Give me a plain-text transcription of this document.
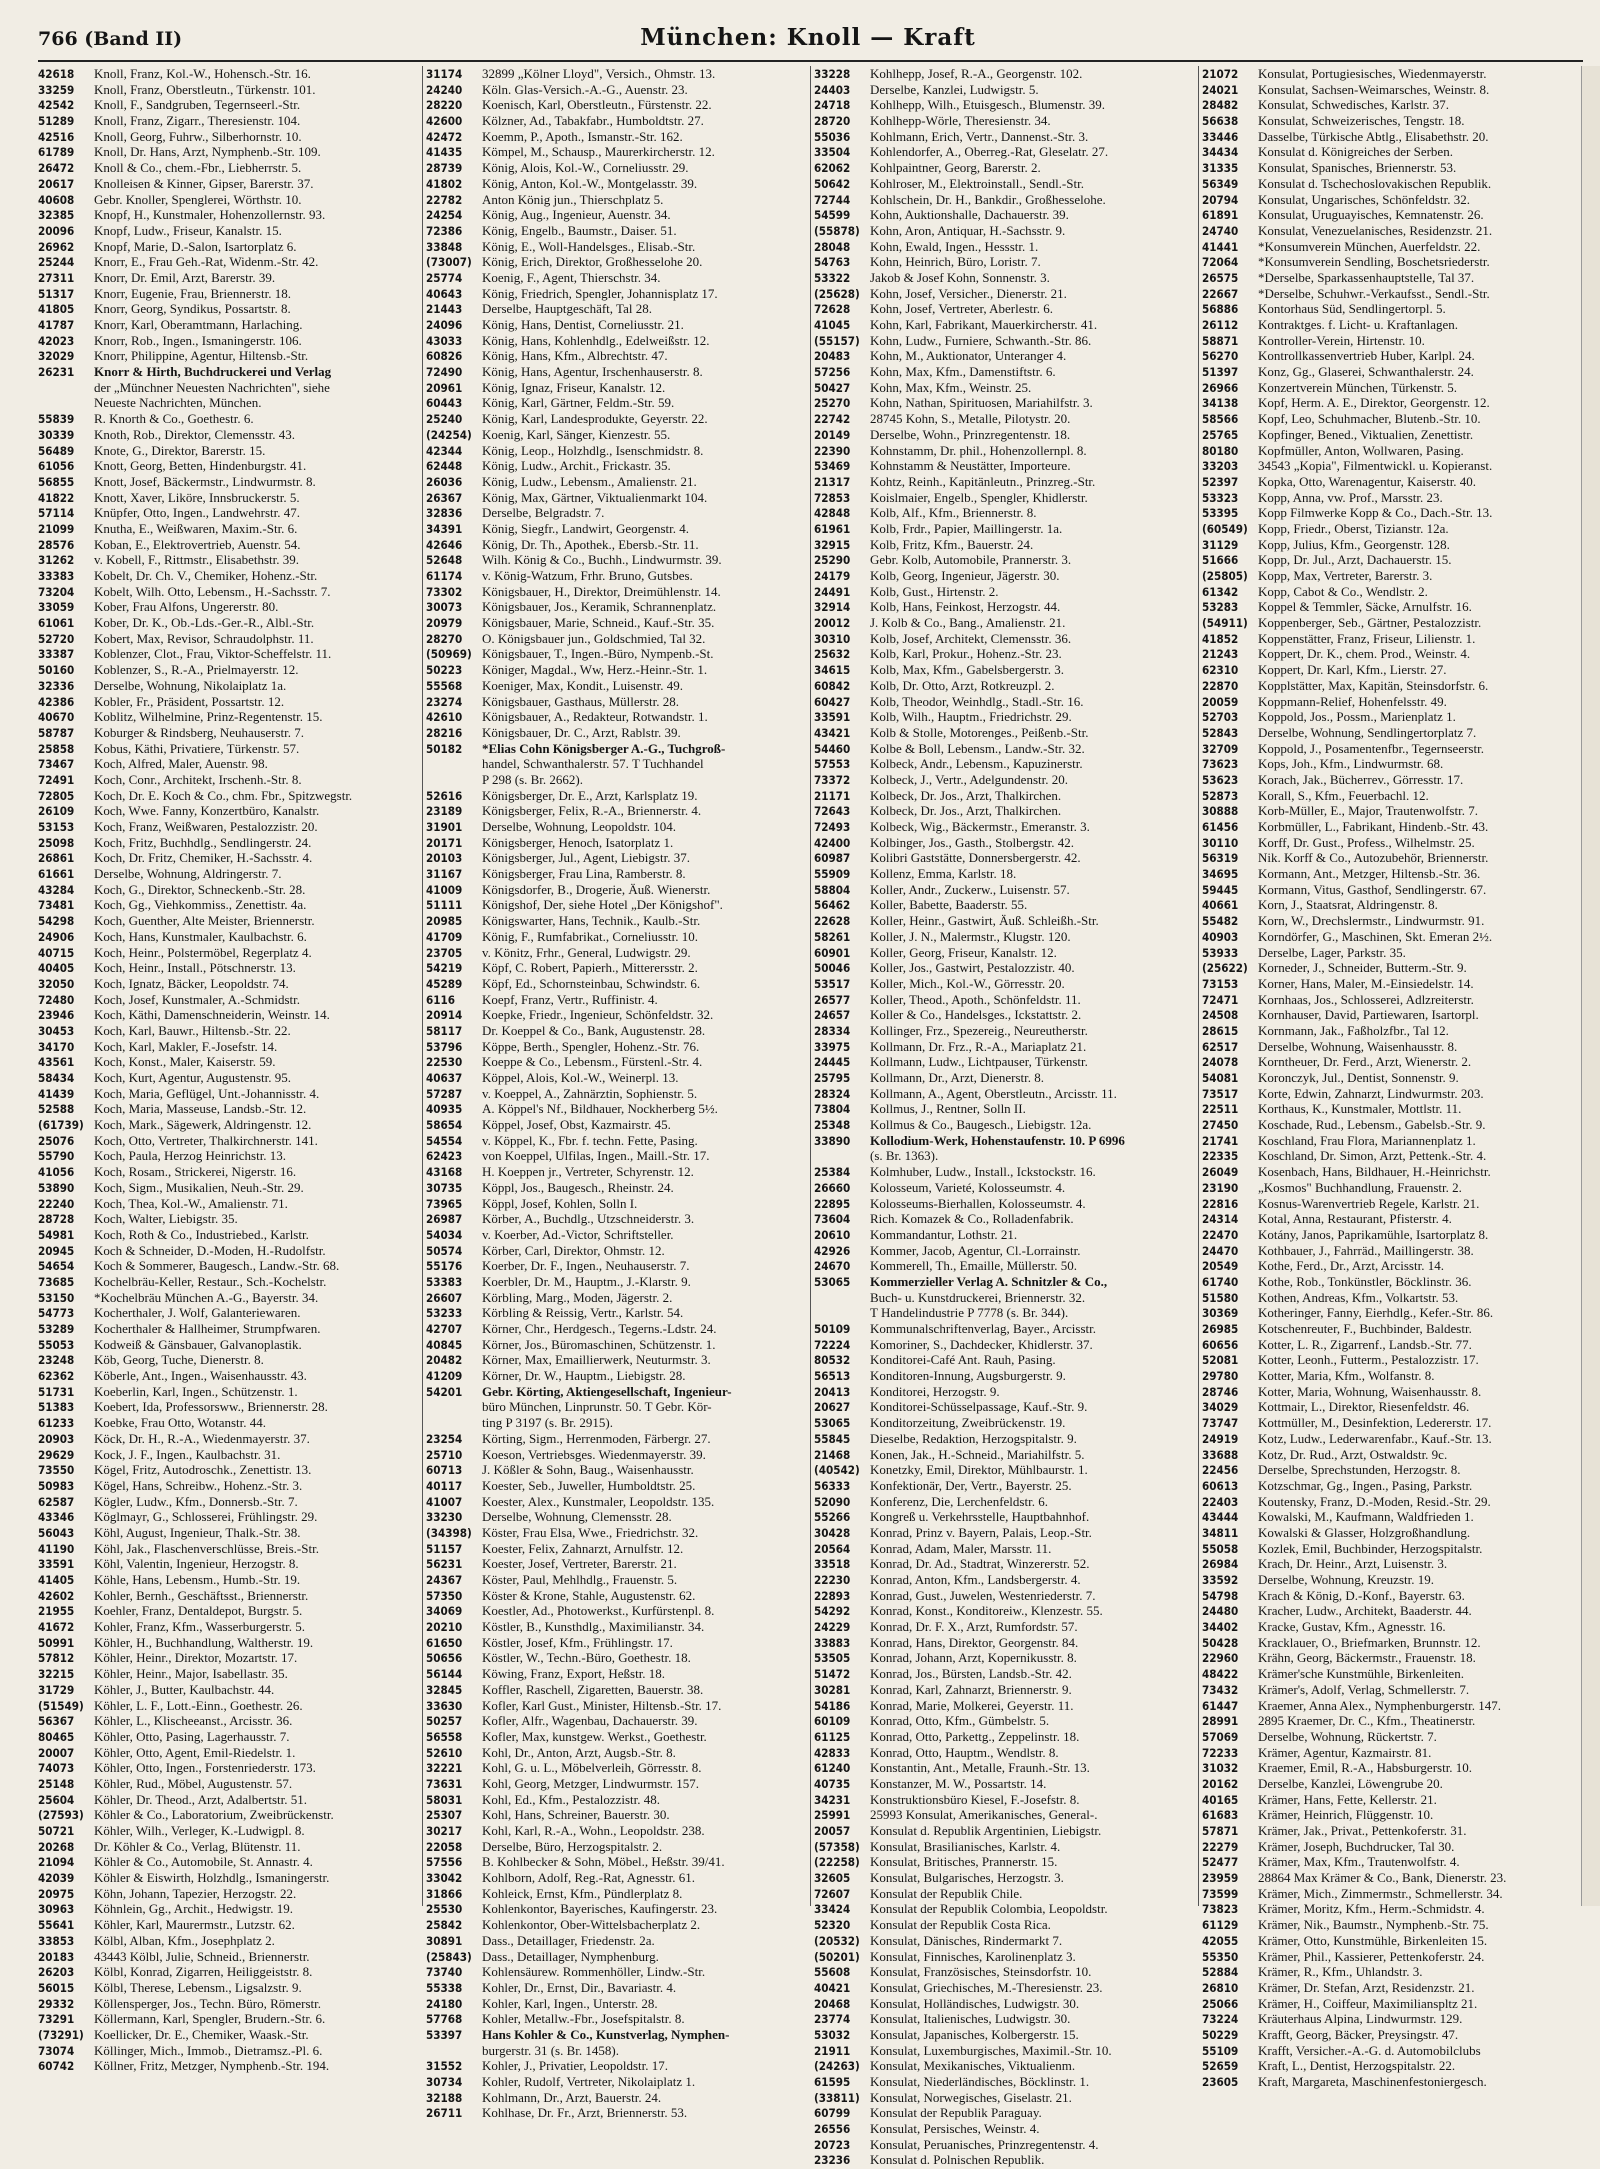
766 (Band II)	München: Knoll — Kraft
42618	Knoll, Franz, Kol.-W., Hohensch.-Str. 16.
33259	Knoll, Franz, Oberstleutn., Türkenstr. 101.
42542	Knoll, F., Sandgruben, Tegernseerl.-Str.
51289	Knoll, Franz, Zigarr., Theresienstr. 104.
42516	Knoll, Georg, Fuhrw., Silberhornstr. 10.
61789	Knoll, Dr. Hans, Arzt, Nymphenb.-Str. 109.
26472	Knoll & Co., chem.-Fbr., Liebherrstr. 5.
20617	Knolleisen & Kinner, Gipser, Barerstr. 37.
40608	Gebr. Knoller, Spenglerei, Wörthstr. 10.
32385	Knopf, H., Kunstmaler, Hohenzollernstr. 93.
20096	Knopf, Ludw., Friseur, Kanalstr. 15.
26962	Knopf, Marie, D.-Salon, Isartorplatz 6.
25244	Knorr, E., Frau Geh.-Rat, Widenm.-Str. 42.
27311	Knorr, Dr. Emil, Arzt, Barerstr. 39.
51317	Knorr, Eugenie, Frau, Briennerstr. 18.
41805	Knorr, Georg, Syndikus, Possartstr. 8.
41787	Knorr, Karl, Oberamtmann, Harlaching.
42023	Knorr, Rob., Ingen., Ismaningerstr. 106.
32029	Knorr, Philippine, Agentur, Hiltensb.-Str.
26231	Knorr & Hirth, Buchdruckerei und Verlag
der „Münchner Neuesten Nachrichten", siehe
Neueste Nachrichten, München.
55839	R. Knorth & Co., Goethestr. 6.
30339	Knoth, Rob., Direktor, Clemensstr. 43.
56489	Knote, G., Direktor, Barerstr. 15.
61056	Knott, Georg, Betten, Hindenburgstr. 41.
56855	Knott, Josef, Bäckermstr., Lindwurmstr. 8.
41822	Knott, Xaver, Liköre, Innsbruckerstr. 5.
57114	Knüpfer, Otto, Ingen., Landwehrstr. 47.
21099	Knutha, E., Weißwaren, Maxim.-Str. 6.
28576	Koban, E., Elektrovertrieb, Auenstr. 54.
31262	v. Kobell, F., Rittmstr., Elisabethstr. 39.
33383	Kobelt, Dr. Ch. V., Chemiker, Hohenz.-Str.
73204	Kobelt, Wilh. Otto, Lebensm., H.-Sachsstr. 7.
33059	Kober, Frau Alfons, Ungererstr. 80.
61061	Kober, Dr. K., Ob.-Lds.-Ger.-R., Albl.-Str.
52720	Kobert, Max, Revisor, Schraudolphstr. 11.
33387	Koblenzer, Clot., Frau, Viktor-Scheffelstr. 11.
50160	Koblenzer, S., R.-A., Prielmayerstr. 12.
32336	Derselbe, Wohnung, Nikolaiplatz 1a.
42386	Kobler, Fr., Präsident, Possartstr. 12.
40670	Koblitz, Wilhelmine, Prinz-Regentenstr. 15.
58787	Koburger & Rindsberg, Neuhauserstr. 7.
25858	Kobus, Käthi, Privatiere, Türkenstr. 57.
73467	Koch, Alfred, Maler, Auenstr. 98.
72491	Koch, Conr., Architekt, Irschenh.-Str. 8.
72805	Koch, Dr. E. Koch & Co., chm. Fbr., Spitzwegstr.
26109	Koch, Wwe. Fanny, Konzertbüro, Kanalstr.
53153	Koch, Franz, Weißwaren, Pestalozzistr. 20.
25098	Koch, Fritz, Buchhdlg., Sendlingerstr. 24.
26861	Koch, Dr. Fritz, Chemiker, H.-Sachsstr. 4.
61661	Derselbe, Wohnung, Aldringerstr. 7.
43284	Koch, G., Direktor, Schneckenb.-Str. 28.
73481	Koch, Gg., Viehkommiss., Zenettistr. 4a.
54298	Koch, Guenther, Alte Meister, Briennerstr.
24906	Koch, Hans, Kunstmaler, Kaulbachstr. 6.
40715	Koch, Heinr., Polstermöbel, Regerplatz 4.
40405	Koch, Heinr., Install., Pötschnerstr. 13.
32050	Koch, Ignatz, Bäcker, Leopoldstr. 74.
72480	Koch, Josef, Kunstmaler, A.-Schmidstr.
23946	Koch, Käthi, Damenschneiderin, Weinstr. 14.
30453	Koch, Karl, Bauwr., Hiltensb.-Str. 22.
34170	Koch, Karl, Makler, F.-Josefstr. 14.
43561	Koch, Konst., Maler, Kaiserstr. 59.
58434	Koch, Kurt, Agentur, Augustenstr. 95.
41439	Koch, Maria, Geflügel, Unt.-Johannisstr. 4.
52588	Koch, Maria, Masseuse, Landsb.-Str. 12.
(61739) Koch, Mark., Sägewerk, Aldringenstr. 12.
25076	Koch, Otto, Vertreter, Thalkirchnerstr. 141.
55790	Koch, Paula, Herzog Heinrichstr. 13.
41056	Koch, Rosam., Strickerei, Nigerstr. 16.
53890	Koch, Sigm., Musikalien, Neuh.-Str. 29.
22240	Koch, Thea, Kol.-W., Amalienstr. 71.
28728	Koch, Walter, Liebigstr. 35.
54981	Koch, Roth & Co., Industriebed., Karlstr.
20945	Koch & Schneider, D.-Moden, H.-Rudolfstr.
54654	Koch & Sommerer, Baugesch., Landw.-Str. 68.
73685	Kochelbräu-Keller, Restaur., Sch.-Kochelstr.
53150	*Kochelbräu München A.-G., Bayerstr. 34.
54773	Kocherthaler, J. Wolf, Galanteriewaren.
53289	Kocherthaler & Hallheimer, Strumpfwaren.
55053	Kodweiß & Gänsbauer, Galvanoplastik.
23248	Köb, Georg, Tuche, Dienerstr. 8.
62362	Köberle, Ant., Ingen., Waisenhausstr. 43.
51731	Koeberlin, Karl, Ingen., Schützenstr. 1.
51383	Koebert, Ida, Professorsww., Briennerstr. 28.
61233	Koebke, Frau Otto, Wotanstr. 44.
20903	Köck, Dr. H., R.-A., Wiedenmayerstr. 37.
29629	Kock, J. F., Ingen., Kaulbachstr. 31.
73550	Kögel, Fritz, Autodroschk., Zenettistr. 13.
50983	Kögel, Hans, Schreibw., Hohenz.-Str. 3.
62587	Kögler, Ludw., Kfm., Donnersb.-Str. 7.
43346	Köglmayr, G., Schlosserei, Frühlingstr. 29.
56043	Köhl, August, Ingenieur, Thalk.-Str. 38.
41190	Köhl, Jak., Flaschenverschlüsse, Breis.-Str.
33591	Köhl, Valentin, Ingenieur, Herzogstr. 8.
41405	Köhle, Hans, Lebensm., Humb.-Str. 19.
42602	Kohler, Bernh., Geschäftsst., Briennerstr.
21955	Koehler, Franz, Dentaldepot, Burgstr. 5.
41672	Kohler, Franz, Kfm., Wasserburgerstr. 5.
50991	Köhler, H., Buchhandlung, Waltherstr. 19.
57812	Köhler, Heinr., Direktor, Mozartstr. 17.
32215	Köhler, Heinr., Major, Isabellastr. 35.
31729	Köhler, J., Butter, Kaulbachstr. 44.
(51549) Köhler, L. F., Lott.-Einn., Goethestr. 26.
56367	Köhler, L., Klischeeanst., Arcisstr. 36.
80465	Köhler, Otto, Pasing, Lagerhausstr. 7.
20007	Köhler, Otto, Agent, Emil-Riedelstr. 1.
74073	Köhler, Otto, Ingen., Forstenriederstr. 173.
25148	Köhler, Rud., Möbel, Augustenstr. 57.
25604	Köhler, Dr. Theod., Arzt, Adalbertstr. 51.
(27593) Köhler & Co., Laboratorium, Zweibrückenstr.
50721	Köhler, Wilh., Verleger, K.-Ludwigpl. 8.
20268	Dr. Köhler & Co., Verlag, Blütenstr. 11.
21094	Köhler & Co., Automobile, St. Annastr. 4.
42039	Köhler & Eiswirth, Holzhdlg., Ismaningerstr.
20975	Köhn, Johann, Tapezier, Herzogstr. 22.
30963	Köhnlein, Gg., Archit., Hedwigstr. 19.
55641	Köhler, Karl, Maurermstr., Lutzstr. 62.
33853	Kölbl, Alban, Kfm., Josephplatz 2.
20183	43443 Kölbl, Julie, Schneid., Briennerstr.
26203	Kölbl, Konrad, Zigarren, Heiliggeiststr. 8.
56015	Kölbl, Therese, Lebensm., Ligsalzstr. 9.
29332	Köllensperger, Jos., Techn. Büro, Römerstr.
73291	Köllermann, Karl, Spengler, Brudern.-Str. 6.
(73291) Koellicker, Dr. E., Chemiker, Waask.-Str.
73074	Köllinger, Mich., Immob., Dietramsz.-Pl. 6.
60742	Köllner, Fritz, Metzger, Nymphenb.-Str. 194.
31174	32899 „Kölner Lloyd", Versich., Ohmstr. 13.
24240	Köln. Glas-Versich.-A.-G., Auenstr. 23.
28220	Koenisch, Karl, Oberstleutn., Fürstenstr. 22.
42600	Kölzner, Ad., Tabakfabr., Humboldtstr. 27.
42472	Koemm, P., Apoth., Ismanstr.-Str. 162.
41435	Kömpel, M., Schausp., Maurerkircherstr. 12.
28739	König, Alois, Kol.-W., Corneliusstr. 29.
41802	König, Anton, Kol.-W., Montgelasstr. 39.
22782	Anton König jun., Thierschplatz 5.
24254	König, Aug., Ingenieur, Auenstr. 34.
72386	König, Engelb., Baumstr., Daiser. 51.
33848	König, E., Woll-Handelsges., Elisab.-Str.
(73007) König, Erich, Direktor, Großhesselohe 20.
25774	Koenig, F., Agent, Thierschstr. 34.
40643	König, Friedrich, Spengler, Johannisplatz 17.
21443	Derselbe, Hauptgeschäft, Tal 28.
24096	König, Hans, Dentist, Corneliusstr. 21.
43033	König, Hans, Kohlenhdlg., Edelweißstr. 12.
60826	König, Hans, Kfm., Albrechtstr. 47.
72490	König, Hans, Agentur, Irschenhauserstr. 8.
20961	König, Ignaz, Friseur, Kanalstr. 12.
60443	König, Karl, Gärtner, Feldm.-Str. 59.
25240	König, Karl, Landesprodukte, Geyerstr. 22.
(24254) Koenig, Karl, Sänger, Kienzestr. 55.
42344	König, Leop., Holzhdlg., Isenschmidstr. 8.
62448	König, Ludw., Archit., Frickastr. 35.
26036	König, Ludw., Lebensm., Amalienstr. 21.
26367	König, Max, Gärtner, Viktualienmarkt 104.
32836	Derselbe, Belgradstr. 7.
34391	König, Siegfr., Landwirt, Georgenstr. 4.
42646	König, Dr. Th., Apothek., Ebersb.-Str. 11.
52648	Wilh. König & Co., Buchh., Lindwurmstr. 39.
61174	v. König-Watzum, Frhr. Bruno, Gutsbes.
73302	Königsbauer, H., Direktor, Dreimühlenstr. 14.
30073	Königsbauer, Jos., Keramik, Schrannenplatz.
20979	Königsbauer, Marie, Schneid., Kauf.-Str. 35.
28270	O. Königsbauer jun., Goldschmied, Tal 32.
(50969) Königsbauer, T., Ingen.-Büro, Nympenb.-St.
50223	Königer, Magdal., Ww, Herz.-Heinr.-Str. 1.
55568	Koeniger, Max, Kondit., Luisenstr. 49.
23274	Königsbauer, Gasthaus, Müllerstr. 28.
42610	Königsbauer, A., Redakteur, Rotwandstr. 1.
28216	Königsbauer, Dr. C., Arzt, Rablstr. 39.
50182	*Elias Cohn Königsberger A.-G., Tuchgroß-
handel, Schwanthalerstr. 57. T Tuchhandel
P 298 (s. Br. 2662).
52616	Königsberger, Dr. E., Arzt, Karlsplatz 19.
23189	Königsberger, Felix, R.-A., Briennerstr. 4.
31901	Derselbe, Wohnung, Leopoldstr. 104.
20171	Königsberger, Henoch, Isatorplatz 1.
20103	Königsberger, Jul., Agent, Liebigstr. 37.
31167	Königsberger, Frau Lina, Ramberstr. 8.
41009	Königsdorfer, B., Drogerie, Äuß. Wienerstr.
51111	Königshof, Der, siehe Hotel „Der Königshof".
20985	Königswarter, Hans, Technik., Kaulb.-Str.
41709	König, F., Rumfabrikat., Corneliusstr. 10.
23705	v. Könitz, Frhr., General, Ludwigstr. 29.
54219	Köpf, C. Robert, Papierh., Mitterersstr. 2.
45289	Köpf, Ed., Schornsteinbau, Schwindstr. 6.
6116	Koepf, Franz, Vertr., Ruffinistr. 4.
20914	Koepke, Friedr., Ingenieur, Schönfeldstr. 32.
58117	Dr. Koeppel & Co., Bank, Augustenstr. 28.
53796	Köppe, Berth., Spengler, Hohenz.-Str. 76.
22530	Koeppe & Co., Lebensm., Fürstenl.-Str. 4.
40637	Köppel, Alois, Kol.-W., Weinerpl. 13.
57287	v. Koeppel, A., Zahnärztin, Sophienstr. 5.
40935	A. Köppel's Nf., Bildhauer, Nockherberg 5½.
58654	Köppel, Josef, Obst, Kazmairstr. 45.
54554	v. Köppel, K., Fbr. f. techn. Fette, Pasing.
62423	von Koeppel, Ulfilas, Ingen., Maill.-Str. 17.
43168	H. Koeppen jr., Vertreter, Schyrenstr. 12.
30735	Köppl, Jos., Baugesch., Rheinstr. 24.
73965	Köppl, Josef, Kohlen, Solln I.
26987	Körber, A., Buchdlg., Utzschneiderstr. 3.
54034	v. Koerber, Ad.-Victor, Schriftsteller.
50574	Körber, Carl, Direktor, Ohmstr. 12.
55176	Koerber, Dr. F., Ingen., Neuhauserstr. 7.
53383	Koerbler, Dr. M., Hauptm., J.-Klarstr. 9.
26607	Körbling, Marg., Moden, Jägerstr. 2.
53233	Körbling & Reissig, Vertr., Karlstr. 54.
42707	Körner, Chr., Herdgesch., Tegerns.-Ldstr. 24.
40845	Körner, Jos., Büromaschinen, Schützenstr. 1.
20482	Körner, Max, Emaillierwerk, Neuturmstr. 3.
41209	Körner, Dr. W., Hauptm., Liebigstr. 28.
54201	Gebr. Körting, Aktiengesellschaft, Ingenieur-
büro München, Linprunstr. 50. T Gebr. Kör-
ting P 3197 (s. Br. 2915).
23254	Körting, Sigm., Herrenmoden, Färbergr. 27.
25710	Koeson, Vertriebsges. Wiedenmayerstr. 39.
60713	J. Kößler & Sohn, Baug., Waisenhausstr.
40117	Koester, Seb., Juweller, Humboldtstr. 25.
41007	Koester, Alex., Kunstmaler, Leopoldstr. 135.
33230	Derselbe, Wohnung, Clemensstr. 28.
(34398) Köster, Frau Elsa, Wwe., Friedrichstr. 32.
51157	Koester, Felix, Zahnarzt, Arnulfstr. 12.
56231	Koester, Josef, Vertreter, Barerstr. 21.
24367	Köster, Paul, Mehlhdlg., Frauenstr. 5.
57350	Köster & Krone, Stahle, Augustenstr. 62.
34069	Koestler, Ad., Photowerkst., Kurfürstenpl. 8.
20210	Köstler, B., Kunsthdlg., Maximilianstr. 34.
61650	Köstler, Josef, Kfm., Frühlingstr. 17.
50656	Köstler, W., Techn.-Büro, Goethestr. 18.
56144	Köwing, Franz, Export, Heßstr. 18.
32845	Koffler, Raschell, Zigaretten, Bauerstr. 38.
33630	Kofler, Karl Gust., Minister, Hiltensb.-Str. 17.
50257	Kofler, Alfr., Wagenbau, Dachauerstr. 39.
56558	Kofler, Max, kunstgew. Werkst., Goethestr.
52610	Kohl, Dr., Anton, Arzt, Augsb.-Str. 8.
32221	Kohl, G. u. L., Möbelverleih, Görresstr. 8.
73631	Kohl, Georg, Metzger, Lindwurmstr. 157.
58031	Kohl, Ed., Kfm., Pestalozzistr. 48.
25307	Kohl, Hans, Schreiner, Bauerstr. 30.
30217	Kohl, Karl, R.-A., Wohn., Leopoldstr. 238.
22058	Derselbe, Büro, Herzogspitalstr. 2.
57556	B. Kohlbecker & Sohn, Möbel., Heßstr. 39/41.
33042	Kohlborn, Adolf, Reg.-Rat, Agnesstr. 61.
31866	Kohleick, Ernst, Kfm., Pündlerplatz 8.
25530	Kohlenkontor, Bayerisches, Kaufingerstr. 23.
25842	Kohlenkontor, Ober-Wittelsbacherplatz 2.
30891	Dass., Detaillager, Friedenstr. 2a.
(25843) Dass., Detaillager, Nymphenburg.
73740	Kohlensäurew. Rommenhöller, Lindw.-Str.
55338	Kohler, Dr., Ernst, Dir., Bavariastr. 4.
24180	Kohler, Karl, Ingen., Unterstr. 28.
57768	Kohler, Metallw.-Fbr., Josefspitalstr. 8.
53397	Hans Kohler & Co., Kunstverlag, Nymphen-
burgerstr. 31 (s. Br. 1458).
31552	Kohler, J., Privatier, Leopoldstr. 17.
30734	Kohler, Rudolf, Vertreter, Nikolaiplatz 1.
32188	Kohlmann, Dr., Arzt, Bauerstr. 24.
26711	Kohlhase, Dr. Fr., Arzt, Briennerstr. 53.
33228	Kohlhepp, Josef, R.-A., Georgenstr. 102.
24403	Derselbe, Kanzlei, Ludwigstr. 5.
24718	Kohlhepp, Wilh., Etuisgesch., Blumenstr. 39.
28720	Kohlhepp-Wörle, Theresienstr. 34.
55036	Kohlmann, Erich, Vertr., Dannenst.-Str. 3.
33504	Kohlendorfer, A., Oberreg.-Rat, Gleselatr. 27.
62062	Kohlpaintner, Georg, Barerstr. 2.
50642	Kohlroser, M., Elektroinstall., Sendl.-Str.
72744	Kohlschein, Dr. H., Bankdir., Großhesselohe.
54599	Kohn, Auktionshalle, Dachauerstr. 39.
(55878) Kohn, Aron, Antiquar, H.-Sachsstr. 9.
28048	Kohn, Ewald, Ingen., Hessstr. 1.
54763	Kohn, Heinrich, Büro, Loristr. 7.
53322	Jakob & Josef Kohn, Sonnenstr. 3.
(25628) Kohn, Josef, Versicher., Dienerstr. 21.
72628	Kohn, Josef, Vertreter, Aberlestr. 6.
41045	Kohn, Karl, Fabrikant, Mauerkircherstr. 41.
(55157) Kohn, Ludw., Furniere, Schwanth.-Str. 86.
20483	Kohn, M., Auktionator, Unteranger 4.
57256	Kohn, Max, Kfm., Damenstiftstr. 6.
50427	Kohn, Max, Kfm., Weinstr. 25.
25270	Kohn, Nathan, Spirituosen, Mariahilfstr. 3.
22742	28745 Kohn, S., Metalle, Pilotystr. 20.
20149	Derselbe, Wohn., Prinzregentenstr. 18.
22390	Kohnstamm, Dr. phil., Hohenzollernpl. 8.
53469	Kohnstamm & Neustätter, Importeure.
21317	Kohtz, Reinh., Kapitänleutn., Prinzreg.-Str.
72853	Koislmaier, Engelb., Spengler, Khidlerstr.
42848	Kolb, Alf., Kfm., Briennerstr. 8.
61961	Kolb, Frdr., Papier, Maillingerstr. 1a.
32915	Kolb, Fritz, Kfm., Bauerstr. 24.
25290	Gebr. Kolb, Automobile, Prannerstr. 3.
24179	Kolb, Georg, Ingenieur, Jägerstr. 30.
24491	Kolb, Gust., Hirtenstr. 2.
32914	Kolb, Hans, Feinkost, Herzogstr. 44.
20012	J. Kolb & Co., Bang., Amalienstr. 21.
30310	Kolb, Josef, Architekt, Clemensstr. 36.
25632	Kolb, Karl, Prokur., Hohenz.-Str. 23.
34615	Kolb, Max, Kfm., Gabelsbergerstr. 3.
60842	Kolb, Dr. Otto, Arzt, Rotkreuzpl. 2.
60427	Kolb, Theodor, Weinhdlg., Stadl.-Str. 16.
33591	Kolb, Wilh., Hauptm., Friedrichstr. 29.
43421	Kolb & Stolle, Motorenges., Peißenb.-Str.
54460	Kolbe & Boll, Lebensm., Landw.-Str. 32.
57553	Kolbeck, Andr., Lebensm., Kapuzinerstr.
73372	Kolbeck, J., Vertr., Adelgundenstr. 20.
21171	Kolbeck, Dr. Jos., Arzt, Thalkirchen.
72643	Kolbeck, Dr. Jos., Arzt, Thalkirchen.
72493	Kolbeck, Wig., Bäckermstr., Emeranstr. 3.
42400	Kolbinger, Jos., Gasth., Stolbergstr. 42.
60987	Kolibri Gaststätte, Donnersbergerstr. 42.
55909	Kollenz, Emma, Karlstr. 18.
58804	Koller, Andr., Zuckerw., Luisenstr. 57.
56462	Koller, Babette, Baaderstr. 55.
22628	Koller, Heinr., Gastwirt, Äuß. Schleißh.-Str.
58261	Koller, J. N., Malermstr., Klugstr. 120.
60901	Koller, Georg, Friseur, Kanalstr. 12.
50046	Koller, Jos., Gastwirt, Pestalozzistr. 40.
53517	Koller, Mich., Kol.-W., Görresstr. 20.
26577	Koller, Theod., Apoth., Schönfeldstr. 11.
24657	Koller & Co., Handelsges., Ickstattstr. 2.
28334	Kollinger, Frz., Spezereig., Neureutherstr.
33975	Kollmann, Dr. Frz., R.-A., Mariaplatz 21.
24445	Kollmann, Ludw., Lichtpauser, Türkenstr.
25795	Kollmann, Dr., Arzt, Dienerstr. 8.
28324	Kollmann, A., Agent, Oberstleutn., Arcisstr. 11.
73804	Kollmus, J., Rentner, Solln II.
25348	Kollmus & Co., Baugesch., Liebigstr. 12a.
33890	Kollodium-Werk, Hohenstaufenstr. 10. P 6996
(s. Br. 1363).
25384	Kolmhuber, Ludw., Install., Ickstockstr. 16.
26660	Kolosseum, Varieté, Kolosseumstr. 4.
22895	Kolosseums-Bierhallen, Kolosseumstr. 4.
73604	Rich. Komazek & Co., Rolladenfabrik.
20610	Kommandantur, Lothstr. 21.
42926	Kommer, Jacob, Agentur, Cl.-Lorrainstr.
24670	Kommerell, Th., Emaille, Müllerstr. 50.
53065	Kommerzieller Verlag A. Schnitzler & Co.,
Buch- u. Kunstdruckerei, Briennerstr. 32.
T Handelindustrie P 7778 (s. Br. 344).
50109	Kommunalschriftenverlag, Bayer., Arcisstr.
72224	Komoriner, S., Dachdecker, Khidlerstr. 37.
80532	Konditorei-Café Ant. Rauh, Pasing.
56513	Konditoren-Innung, Augsburgerstr. 9.
20413	Konditorei, Herzogstr. 9.
20627	Konditorei-Schüsselpassage, Kauf.-Str. 9.
53065	Konditorzeitung, Zweibrückenstr. 19.
55845	Dieselbe, Redaktion, Herzogspitalstr. 9.
21468	Konen, Jak., H.-Schneid., Mariahilfstr. 5.
(40542) Konetzky, Emil, Direktor, Mühlbaurstr. 1.
56333	Konfektionär, Der, Vertr., Bayerstr. 25.
52090	Konferenz, Die, Lerchenfeldstr. 6.
55266	Kongreß u. Verkehrsstelle, Hauptbahnhof.
30428	Konrad, Prinz v. Bayern, Palais, Leop.-Str.
20564	Konrad, Adam, Maler, Marsstr. 11.
33518	Konrad, Dr. Ad., Stadtrat, Winzererstr. 52.
22230	Konrad, Anton, Kfm., Landsbergerstr. 4.
22893	Konrad, Gust., Juwelen, Westenriederstr. 7.
54292	Konrad, Konst., Konditoreiw., Klenzestr. 55.
24229	Konrad, Dr. F. X., Arzt, Rumfordstr. 57.
33883	Konrad, Hans, Direktor, Georgenstr. 84.
53505	Konrad, Johann, Arzt, Kopernikusstr. 8.
51472	Konrad, Jos., Bürsten, Landsb.-Str. 42.
30281	Konrad, Karl, Zahnarzt, Briennerstr. 9.
54186	Konrad, Marie, Molkerei, Geyerstr. 11.
60109	Konrad, Otto, Kfm., Gümbelstr. 5.
61125	Konrad, Otto, Parkettg., Zeppelinstr. 18.
42833	Konrad, Otto, Hauptm., Wendlstr. 8.
61240	Konstantin, Ant., Metalle, Fraunh.-Str. 13.
40735	Konstanzer, M. W., Possartstr. 14.
34231	Konstruktionsbüro Kiesel, F.-Josefstr. 8.
25991	25993 Konsulat, Amerikanisches, General-.
20057	Konsulat d. Republik Argentinien, Liebigstr.
(57358) Konsulat, Brasilianisches, Karlstr. 4.
(22258) Konsulat, Britisches, Prannerstr. 15.
32605	Konsulat, Bulgarisches, Herzogstr. 3.
72607	Konsulat der Republik Chile.
33424	Konsulat der Republik Colombia, Leopoldstr.
52320	Konsulat der Republik Costa Rica.
(20532) Konsulat, Dänisches, Rindermarkt 7.
(50201) Konsulat, Finnisches, Karolinenplatz 3.
55608	Konsulat, Französisches, Steinsdorfstr. 10.
40421	Konsulat, Griechisches, M.-Theresienstr. 23.
20468	Konsulat, Holländisches, Ludwigstr. 30.
23774	Konsulat, Italienisches, Ludwigstr. 30.
53032	Konsulat, Japanisches, Kolbergerstr. 15.
21911	Konsulat, Luxemburgisches, Maximil.-Str. 10.
(24263) Konsulat, Mexikanisches, Viktualienm.
61595	Konsulat, Niederländisches, Böcklinstr. 1.
(33811) Konsulat, Norwegisches, Giselastr. 21.
60799	Konsulat der Republik Paraguay.
26556	Konsulat, Persisches, Weinstr. 4.
20723	Konsulat, Peruanisches, Prinzregentenstr. 4.
23236	Konsulat d. Polnischen Republik.
21072	Konsulat, Portugiesisches, Wiedenmayerstr.
24021	Konsulat, Sachsen-Weimarsches, Weinstr. 8.
28482	Konsulat, Schwedisches, Karlstr. 37.
56638	Konsulat, Schweizerisches, Tengstr. 18.
33446	Dasselbe, Türkische Abtlg., Elisabethstr. 20.
34434	Konsulat d. Königreiches der Serben.
31335	Konsulat, Spanisches, Briennerstr. 53.
56349	Konsulat d. Tschechoslovakischen Republik.
20794	Konsulat, Ungarisches, Schönfeldstr. 32.
61891	Konsulat, Uruguayisches, Kemnatenstr. 26.
24740	Konsulat, Venezuelanisches, Residenzstr. 21.
41441	*Konsumverein München, Auerfeldstr. 22.
72064	*Konsumverein Sendling, Boschetsriederstr.
26575	*Derselbe, Sparkassenhauptstelle, Tal 37.
22667	*Derselbe, Schuhwr.-Verkaufsst., Sendl.-Str.
56886	Kontorhaus Süd, Sendlingertorpl. 5.
26112	Kontraktges. f. Licht- u. Kraftanlagen.
58871	Kontroller-Verein, Hirtenstr. 10.
56270	Kontrollkassenvertrieb Huber, Karlpl. 24.
51397	Konz, Gg., Glaserei, Schwanthalerstr. 24.
26966	Konzertverein München, Türkenstr. 5.
34138	Kopf, Herm. A. E., Direktor, Georgenstr. 12.
58566	Kopf, Leo, Schuhmacher, Blutenb.-Str. 10.
25765	Kopfinger, Bened., Viktualien, Zenettistr.
80180	Kopfmüller, Anton, Wollwaren, Pasing.
33203	34543 „Kopia", Filmentwickl. u. Kopieranst.
52397	Kopka, Otto, Warenagentur, Kaiserstr. 40.
53323	Kopp, Anna, vw. Prof., Marsstr. 23.
53395	Kopp Filmwerke Kopp & Co., Dach.-Str. 13.
(60549) Kopp, Friedr., Oberst, Tizianstr. 12a.
31129	Kopp, Julius, Kfm., Georgenstr. 128.
51666	Kopp, Dr. Jul., Arzt, Dachauerstr. 15.
(25805) Kopp, Max, Vertreter, Barerstr. 3.
61342	Kopp, Cabot & Co., Wendlstr. 2.
53283	Koppel & Temmler, Säcke, Arnulfstr. 16.
(54911) Koppenberger, Seb., Gärtner, Pestalozzistr.
41852	Koppenstätter, Franz, Friseur, Lilienstr. 1.
21243	Koppert, Dr. K., chem. Prod., Weinstr. 4.
62310	Koppert, Dr. Karl, Kfm., Lierstr. 27.
22870	Kopplstätter, Max, Kapitän, Steinsdorfstr. 6.
20059	Koppmann-Relief, Hohenfelsstr. 49.
52703	Koppold, Jos., Possm., Marienplatz 1.
52843	Derselbe, Wohnung, Sendlingertorplatz 7.
32709	Koppold, J., Posamentenfbr., Tegernseerstr.
73623	Kops, Joh., Kfm., Lindwurmstr. 68.
53623	Korach, Jak., Bücherrev., Görresstr. 17.
52873	Korall, S., Kfm., Feuerbachl. 12.
30888	Korb-Müller, E., Major, Trautenwolfstr. 7.
61456	Korbmüller, L., Fabrikant, Hindenb.-Str. 43.
30110	Korff, Dr. Gust., Profess., Wilhelmstr. 25.
56319	Nik. Korff & Co., Autozubehör, Briennerstr.
34695	Kormann, Ant., Metzger, Hiltensb.-Str. 36.
59445	Kormann, Vitus, Gasthof, Sendlingerstr. 67.
40661	Korn, J., Staatsrat, Aldringenstr. 8.
55482	Korn, W., Drechslermstr., Lindwurmstr. 91.
40903	Korndörfer, G., Maschinen, Skt. Emeran 2½.
53933	Derselbe, Lager, Parkstr. 35.
(25622) Korneder, J., Schneider, Butterm.-Str. 9.
73153	Korner, Hans, Maler, M.-Einsiedelstr. 14.
72471	Kornhaas, Jos., Schlosserei, Adlzreiterstr.
24508	Kornhauser, David, Partiewaren, Isartorpl.
28615	Kornmann, Jak., Faßholzfbr., Tal 12.
62517	Derselbe, Wohnung, Waisenhausstr. 8.
24078	Korntheuer, Dr. Ferd., Arzt, Wienerstr. 2.
54081	Koronczyk, Jul., Dentist, Sonnenstr. 9.
73517	Korte, Edwin, Zahnarzt, Lindwurmstr. 203.
22511	Korthaus, K., Kunstmaler, Mottlstr. 11.
27450	Koschade, Rud., Lebensm., Gabelsb.-Str. 9.
21741	Koschland, Frau Flora, Mariannenplatz 1.
22335	Koschland, Dr. Simon, Arzt, Pettenk.-Str. 4.
26049	Kosenbach, Hans, Bildhauer, H.-Heinrichstr.
23190	„Kosmos" Buchhandlung, Frauenstr. 2.
22816	Kosnus-Warenvertrieb Regele, Karlstr. 21.
24314	Kotal, Anna, Restaurant, Pfisterstr. 4.
22470	Kotány, Janos, Paprikamühle, Isartorplatz 8.
24470	Kothbauer, J., Fahrräd., Maillingerstr. 38.
20549	Kothe, Ferd., Dr., Arzt, Arcisstr. 14.
61740	Kothe, Rob., Tonkünstler, Böcklinstr. 36.
51580	Kothen, Andreas, Kfm., Volkartstr. 53.
30369	Kotheringer, Fanny, Eierhdlg., Kefer.-Str. 86.
26985	Kotschenreuter, F., Buchbinder, Baldestr.
60656	Kotter, L. R., Zigarrenf., Landsb.-Str. 77.
52081	Kotter, Leonh., Futterm., Pestalozzistr. 17.
29780	Kotter, Maria, Kfm., Wolfanstr. 8.
28746	Kotter, Maria, Wohnung, Waisenhausstr. 8.
34029	Kottmair, L., Direktor, Riesenfeldstr. 46.
73747	Kottmüller, M., Desinfektion, Ledererstr. 17.
24919	Kotz, Ludw., Lederwarenfabr., Kauf.-Str. 13.
33688	Kotz, Dr. Rud., Arzt, Ostwaldstr. 9c.
22456	Derselbe, Sprechstunden, Herzogstr. 8.
60613	Kotzschmar, Gg., Ingen., Pasing, Parkstr.
22403	Koutensky, Franz, D.-Moden, Resid.-Str. 29.
43444	Kowalski, M., Kaufmann, Waldfrieden 1.
34811	Kowalski & Glasser, Holzgroßhandlung.
55058	Kozlek, Emil, Buchbinder, Herzogspitalstr.
26984	Krach, Dr. Heinr., Arzt, Luisenstr. 3.
33592	Derselbe, Wohnung, Kreuzstr. 19.
54798	Krach & König, D.-Konf., Bayerstr. 63.
24480	Kracher, Ludw., Architekt, Baaderstr. 44.
34402	Kracke, Gustav, Kfm., Agnesstr. 16.
50428	Kracklauer, O., Briefmarken, Brunnstr. 12.
22960	Krähn, Georg, Bäckermstr., Frauenstr. 18.
48422	Krämer'sche Kunstmühle, Birkenleiten.
73432	Krämer's, Adolf, Verlag, Schmellerstr. 7.
61447	Kraemer, Anna Alex., Nymphenburgerstr. 147.
28991	2895 Kraemer, Dr. C., Kfm., Theatinerstr.
57069	Derselbe, Wohnung, Rückertstr. 7.
72233	Krämer, Agentur, Kazmairstr. 81.
31032	Kraemer, Emil, R.-A., Habsburgerstr. 10.
20162	Derselbe, Kanzlei, Löwengrube 20.
40165	Krämer, Hans, Fette, Kellerstr. 21.
61683	Krämer, Heinrich, Flüggenstr. 10.
57871	Krämer, Jak., Privat., Pettenkoferstr. 31.
22279	Krämer, Joseph, Buchdrucker, Tal 30.
52477	Krämer, Max, Kfm., Trautenwolfstr. 4.
23959	28864 Max Krämer & Co., Bank, Dienerstr. 23.
73599	Krämer, Mich., Zimmermstr., Schmellerstr. 34.
73823	Krämer, Moritz, Kfm., Herm.-Schmidstr. 4.
61129	Krämer, Nik., Baumstr., Nymphenb.-Str. 75.
42055	Krämer, Otto, Kunstmühle, Birkenleiten 15.
55350	Krämer, Phil., Kassierer, Pettenkoferstr. 24.
52884	Krämer, R., Kfm., Uhlandstr. 3.
26810	Krämer, Dr. Stefan, Arzt, Residenzstr. 21.
25066	Krämer, H., Coiffeur, Maximilianspltz 21.
73224	Kräuterhaus Alpina, Lindwurmstr. 129.
50229	Krafft, Georg, Bäcker, Preysingstr. 47.
55109	Krafft, Versicher.-A.-G. d. Automobilclubs
52659	Kraft, L., Dentist, Herzogspitalstr. 22.
23605	Kraft, Margareta, Maschinenfestoniergesch.
